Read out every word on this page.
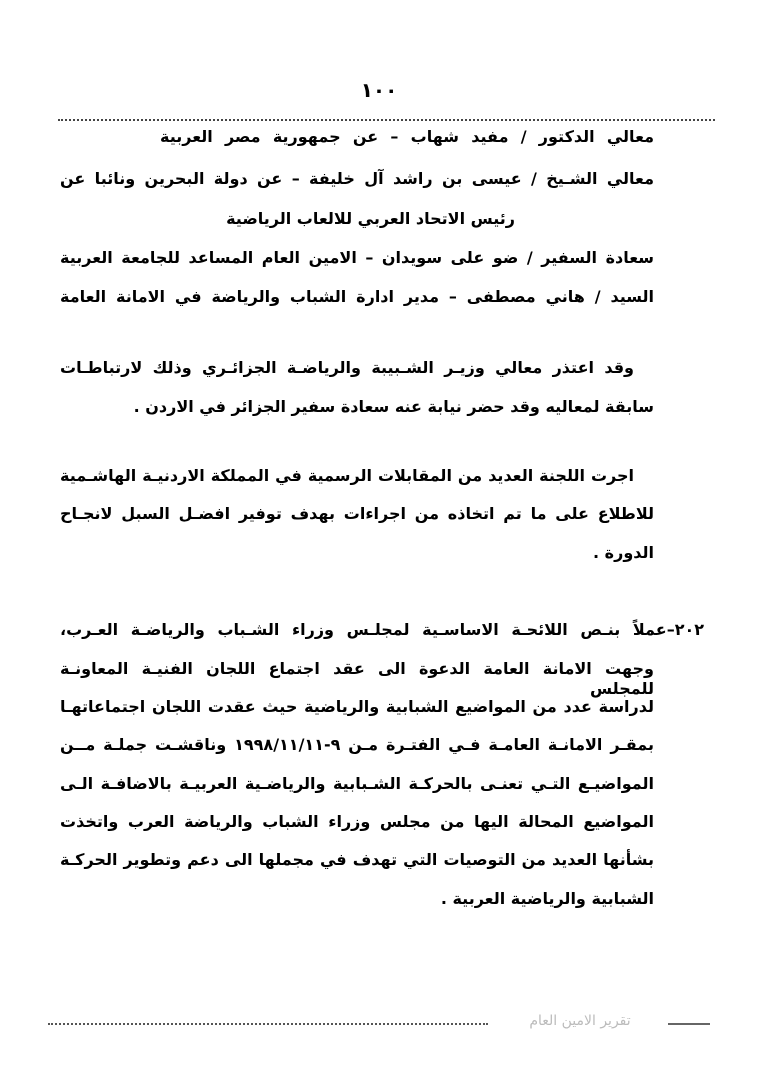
١٠٠
معالي الدكتور / مفيد شهاب – عن جمهورية مصر العربية
معالي الشـيخ / عيسى بن راشد آل خليفة – عن دولة البحرين ونائبا عن
رئيس الاتحاد العربي للالعاب الرياضية
سعادة السفير / ضو على سويدان – الامين العام المساعد للجامعة العربية
السيد / هاني مصطفى – مدير ادارة الشباب والرياضة في الامانة العامة
وقد اعتذر معالي وزيـر الشـبيبة والرياضـة الجزائـري وذلك لارتباطـات
سابقة لمعاليه وقد حضر نيابة عنه سعادة سفير الجزائر في الاردن .
اجرت اللجنة العديد من المقابلات الرسمية في المملكة الاردنيـة الهاشـمية
للاطلاع على ما تم اتخاذه من اجراءات بهدف توفير افضـل السبل لانجـاح
الدورة .
٢٠٢–عملاً بنـص اللائحـة الاساسـية لمجلـس وزراء الشـباب والرياضـة العـرب،
وجهت الامانة العامة الدعوة الى عقد اجتماع اللجان الفنيـة المعاونـة للمجلس
لدراسة عدد من المواضيع الشبابية والرياضية حيث عقدت اللجان اجتماعاتهـا
بمقـر الامانـة العامـة فـي الفتـرة مـن ٩-١٩٩٨/١١/١١ وناقشـت جملـة مــن
المواضيـع التـي تعنـى بالحركـة الشـبابية والرياضـية العربيـة بالاضافـة الـى
المواضيع المحالة اليها من مجلس وزراء الشباب والرياضة العرب واتخذت
بشأنها العديد من التوصيات التي تهدف في مجملها الى دعم وتطوير الحركـة
الشبابية والرياضية العربية .
تقرير الامين العام
